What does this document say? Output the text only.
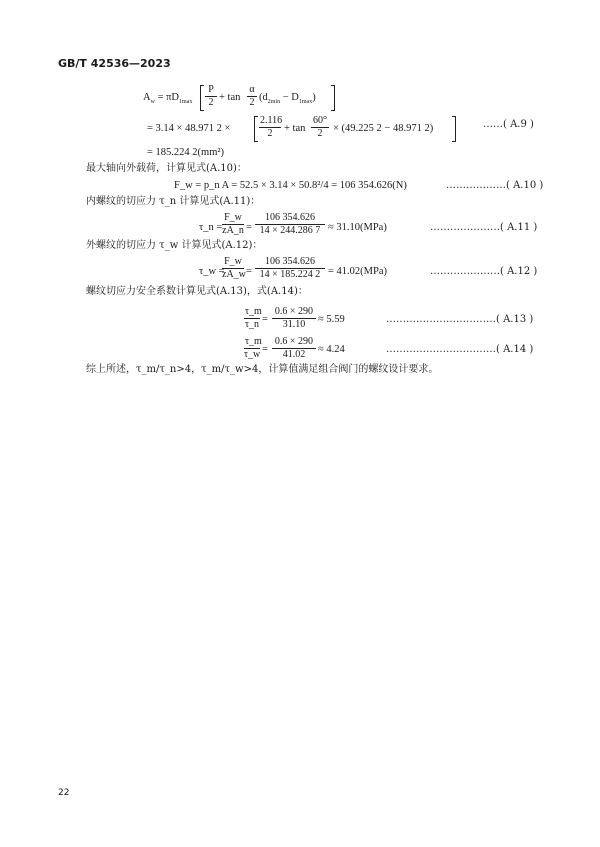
GB/T 42536—2023
$A_w = \pi D_{1max} \frac{P}{2} + \tan \frac{\alpha}{2} (d_{2min} - D_{1max})$
= 3.14 × 48.971 2 ×	$\frac{2.116}{2} + \tan \frac{60^\circ}{2} \times (49.225$ 2 − 48.971 2)	……( A.9 )
= 185.224 2(mm²)
最大轴向外载荷，计算见式(A.10)：
F_w = p_n A = 52.5 × 3.14 × 50.8²/4 = 106 354.626(N)	………………( A.10 )
内螺纹的切应力 τ_n 计算见式(A.11)：
τ_n = $\frac{F\_w}{zA\_n} = \frac{106 354.626}{14 \times 244.286 7} \approx 31.10(MPa)$	…………………( A.11 )
外螺纹的切应力 τ_w 计算见式(A.12)：
τ_w =
$\frac{F\_w}{zA\_w} = \frac{106 354.626}{14 \times 185.224 2} = 41.02(MPa)$	…………………( A.12 )
螺纹切应力安全系数计算见式(A.13)，式(A.14)：
$\frac{\tau\_m}{\tau\_n} = \frac{0.6 \times 290}{31.10} \approx 5.59$	……………………………( A.13 )
$\frac{\tau\_m}{\tau\_w} = \frac{0.6 \times 290}{41.02} \approx 4.24$	……………………………( A.14 )
综上所述，τ_m/τ_n>4，τ_m/τ_w>4，计算值满足组合阀门的螺纹设计要求。
22
